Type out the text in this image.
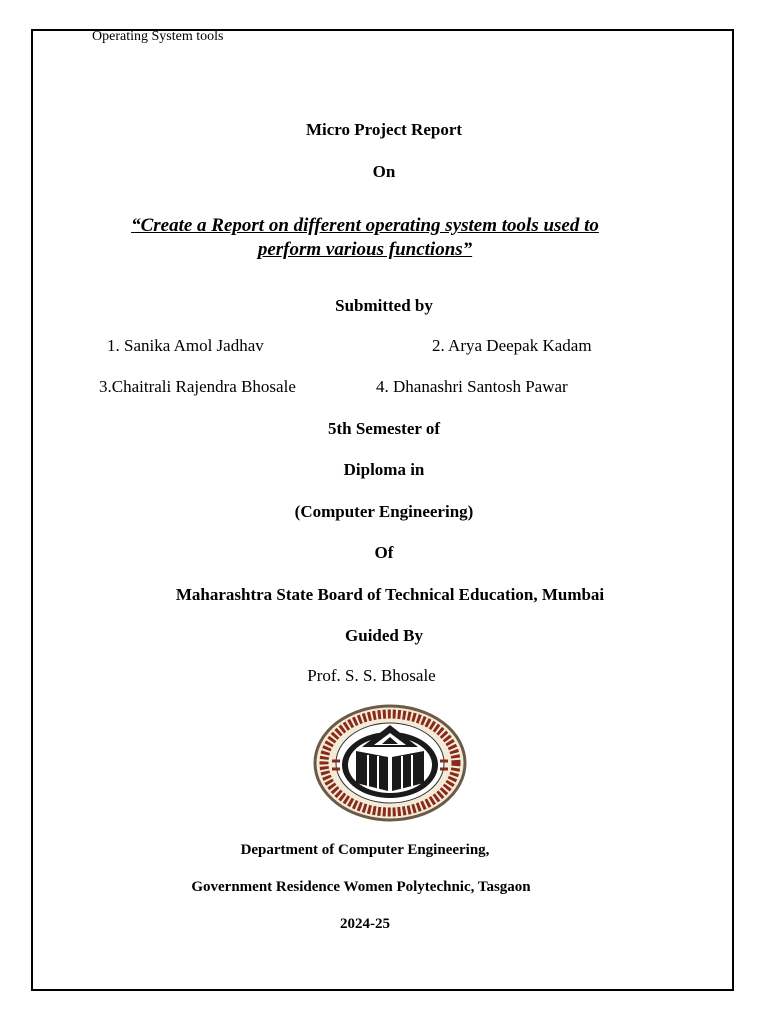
Operating System tools
Micro Project Report
On
“Create a Report on different operating system tools used to
perform various functions”
Submitted by
1. Sanika Amol Jadhav	2. Arya Deepak Kadam
3.Chaitrali Rajendra Bhosale	4. Dhanashri Santosh Pawar
5th Semester of
Diploma in
(Computer Engineering)
Of
Maharashtra State Board of Technical Education, Mumbai
Guided By
Prof. S. S. Bhosale
Department of Computer Engineering,
Government Residence Women Polytechnic, Tasgaon
2024-25
